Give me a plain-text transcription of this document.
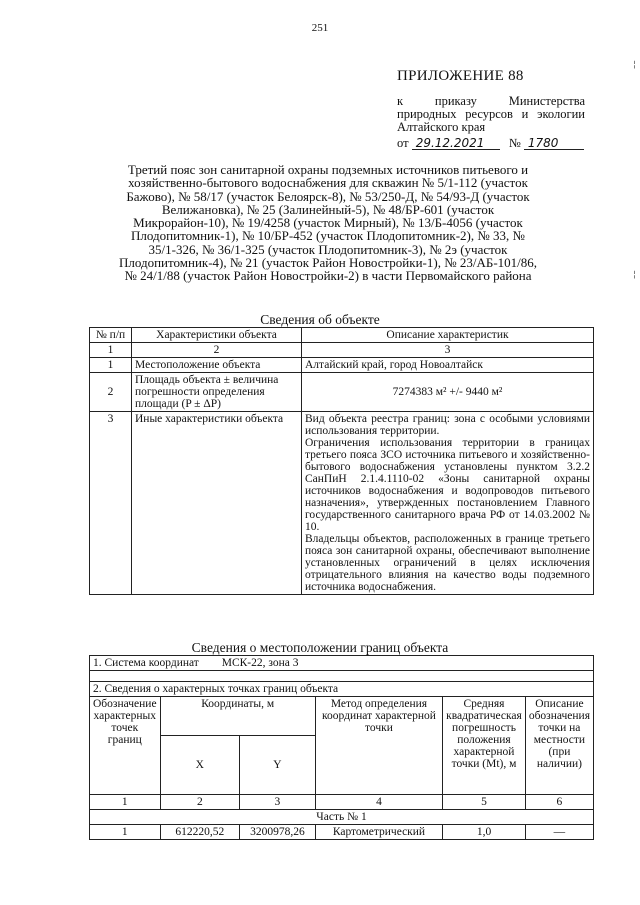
251
¦
¦
ПРИЛОЖЕНИЕ 88
к приказу Министерства природных ресурсов и экологии Алтайского края
от 29.12.2021 № 1780
Третий пояс зон санитарной охраны подземных источников питьевого и хозяйственно-бытового водоснабжения для скважин № 5/1-112 (участок Бажово), № 58/17 (участок Белоярск-8), № 53/250-Д, № 54/93-Д (участок Велижановка), № 25 (Залинейный-5), № 48/БР-601 (участок Микрорайон-10), № 19/4258 (участок Мирный), № 13/Б-4056 (участок Плодопитомник-1), № 10/БР-452 (участок Плодопитомник-2), № 33, № 35/1-326, № 36/1-325 (участок Плодопитомник-3), № 2э (участок Плодопитомник-4), № 21 (участок Район Новостройки-1), № 23/АБ-101/86, № 24/1/88 (участок Район Новостройки-2) в части Первомайского района
Сведения об объекте
№ п/п	Характеристики объекта	Описание характеристик
1	2	3
1	Местоположение объекта	Алтайский край, город Новоалтайск
2	Площадь объекта ± величина погрешности определения площади (P ± ΔP)	7274383 м² +/- 9440 м²
3	Иные характеристики объекта	Вид объекта реестра границ: зона с особыми условиями использования территории.
Ограничения использования территории в границах третьего пояса ЗСО источника питьевого и хозяйственно-бытового водоснабжения установлены пунктом 3.2.2 СанПиН 2.1.4.1110-02 «Зоны санитарной охраны источников водоснабжения и водопроводов питьевого назначения», утвержденных постановлением Главного государственного санитарного врача РФ от 14.03.2002 № 10.
Владельцы объектов, расположенных в границе третьего пояса зон санитарной охраны, обеспечивают выполнение установленных ограничений в целях исключения отрицательного влияния на качество воды подземного источника водоснабжения.
Сведения о местоположении границ объекта
1. Система координат МСК-22, зона 3					

2. Сведения о характерных точках границ объекта					
Обозначение характерных точек границ	Координаты, м		Метод определения координат характерной точки	Средняя квадратическая погрешность положения характерной точки (Mt), м	Описание обозначения точки на местности (при наличии)
	X	Y			
1	2	3	4	5	6
Часть № 1					
1	612220,52	3200978,26	Картометрический	1,0	—
